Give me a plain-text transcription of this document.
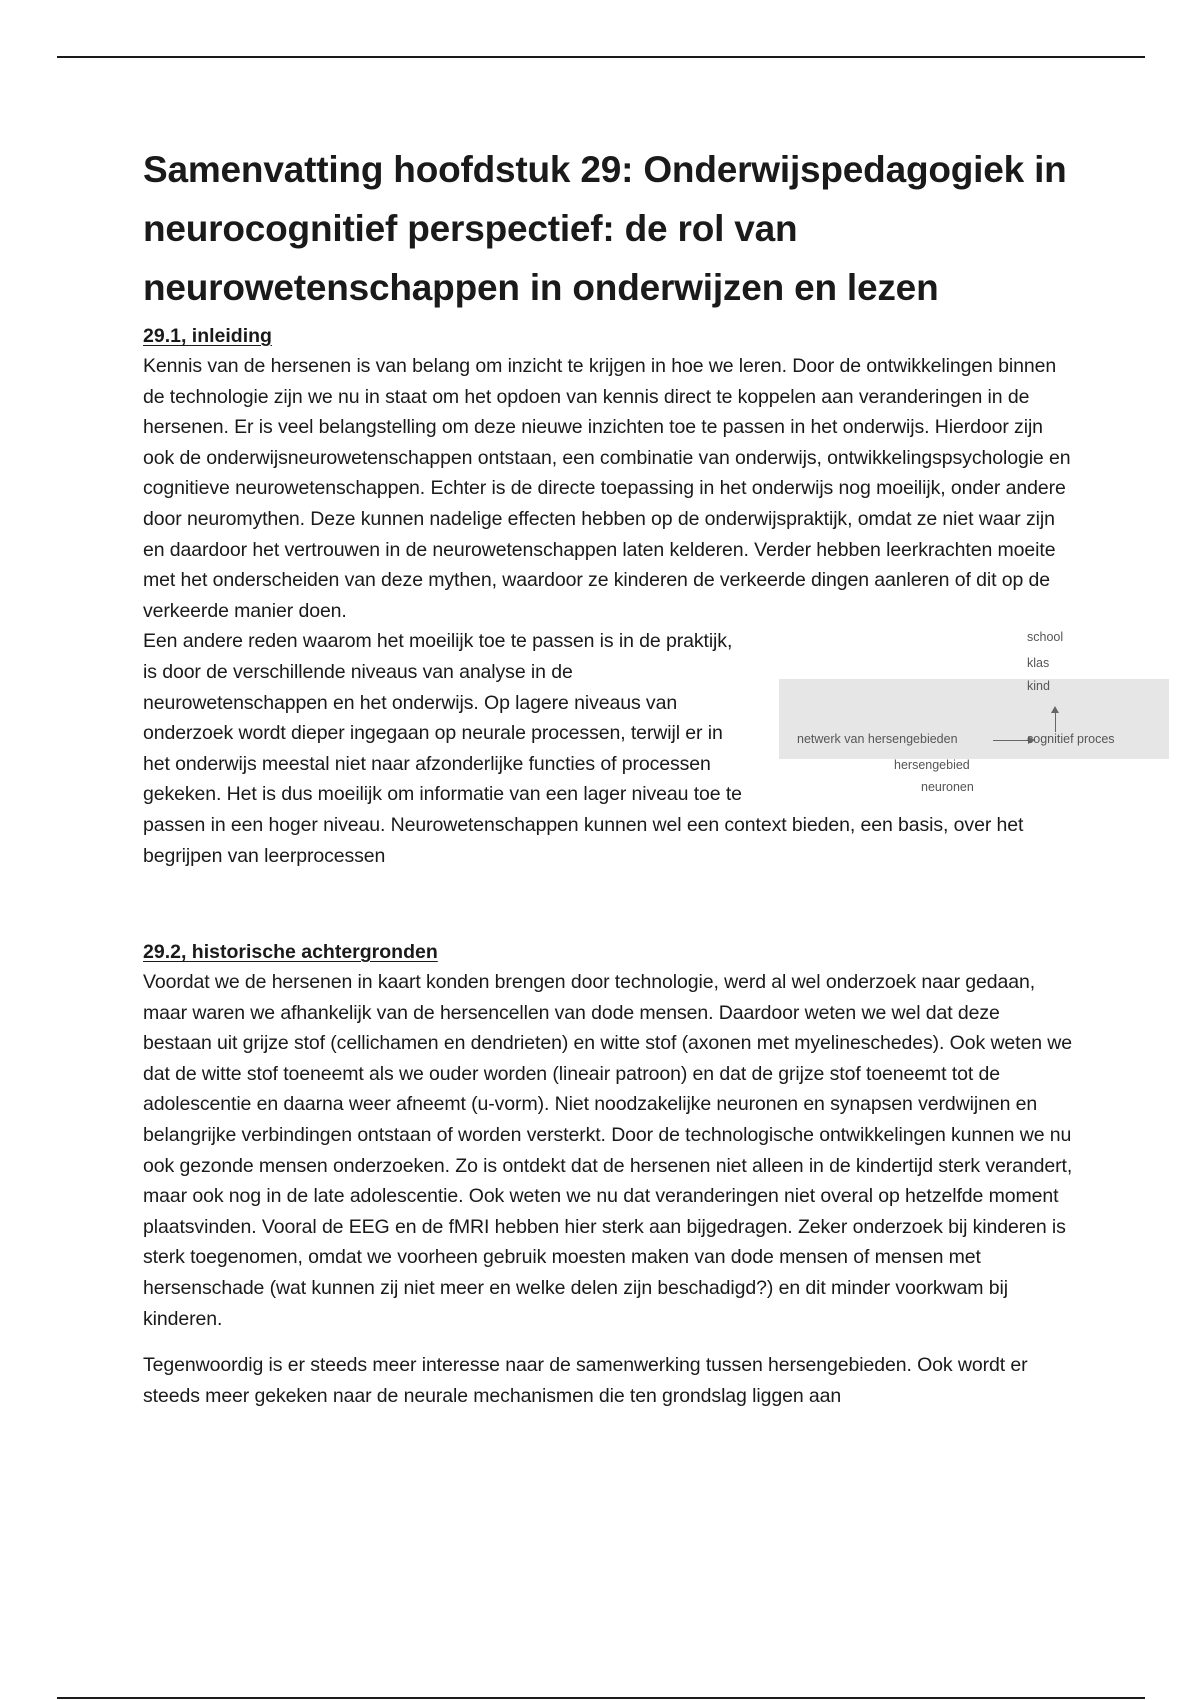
Samenvatting hoofdstuk 29: Onderwijspedagogiek in neurocognitief perspectief: de rol van neurowetenschappen in onderwijzen en lezen
29.1, inleiding

Kennis van de hersenen is van belang om inzicht te krijgen in hoe we leren. Door de ontwikkelingen binnen de technologie zijn we nu in staat om het opdoen van kennis direct te koppelen aan veranderingen in de hersenen. Er is veel belangstelling om deze nieuwe inzichten toe te passen in het onderwijs. Hierdoor zijn ook de onderwijsneurowetenschappen ontstaan, een combinatie van onderwijs, ontwikkelingspsychologie en cognitieve neurowetenschappen. Echter is de directe toepassing in het onderwijs nog moeilijk, onder andere door neuromythen. Deze kunnen nadelige effecten hebben op de onderwijspraktijk, omdat ze niet waar zijn en daardoor het vertrouwen in de neurowetenschappen laten kelderen. Verder hebben leerkrachten moeite met het onderscheiden van deze mythen, waardoor ze kinderen de verkeerde dingen aanleren of dit op de verkeerde manier doen.

school
klas
kind
netwerk van hersengebieden	cognitief proces
hersengebied
neuronen

Een andere reden waarom het moeilijk toe te passen is in de praktijk, is door de verschillende niveaus van analyse in de neurowetenschappen en het onderwijs. Op lagere niveaus van onderzoek wordt dieper ingegaan op neurale processen, terwijl er in het onderwijs meestal niet naar afzonderlijke functies of processen gekeken. Het is dus moeilijk om informatie van een lager niveau toe te passen in een hoger niveau. Neurowetenschappen kunnen wel een context bieden, een basis, over het begrijpen van leerprocessen

29.2, historische achtergronden

Voordat we de hersenen in kaart konden brengen door technologie, werd al wel onderzoek naar gedaan, maar waren we afhankelijk van de hersencellen van dode mensen. Daardoor weten we wel dat deze bestaan uit grijze stof (cellichamen en dendrieten) en witte stof (axonen met myelineschedes). Ook weten we dat de witte stof toeneemt als we ouder worden (lineair patroon) en dat de grijze stof toeneemt tot de adolescentie en daarna weer afneemt (u-vorm). Niet noodzakelijke neuronen en synapsen verdwijnen en belangrijke verbindingen ontstaan of worden versterkt. Door de technologische ontwikkelingen kunnen we nu ook gezonde mensen onderzoeken. Zo is ontdekt dat de hersenen niet alleen in de kindertijd sterk verandert, maar ook nog in de late adolescentie. Ook weten we nu dat veranderingen niet overal op hetzelfde moment plaatsvinden. Vooral de EEG en de fMRI hebben hier sterk aan bijgedragen. Zeker onderzoek bij kinderen is sterk toegenomen, omdat we voorheen gebruik moesten maken van dode mensen of mensen met hersenschade (wat kunnen zij niet meer en welke delen zijn beschadigd?) en dit minder voorkwam bij kinderen.

Tegenwoordig is er steeds meer interesse naar de samenwerking tussen hersengebieden. Ook wordt er steeds meer gekeken naar de neurale mechanismen die ten grondslag liggen aan
